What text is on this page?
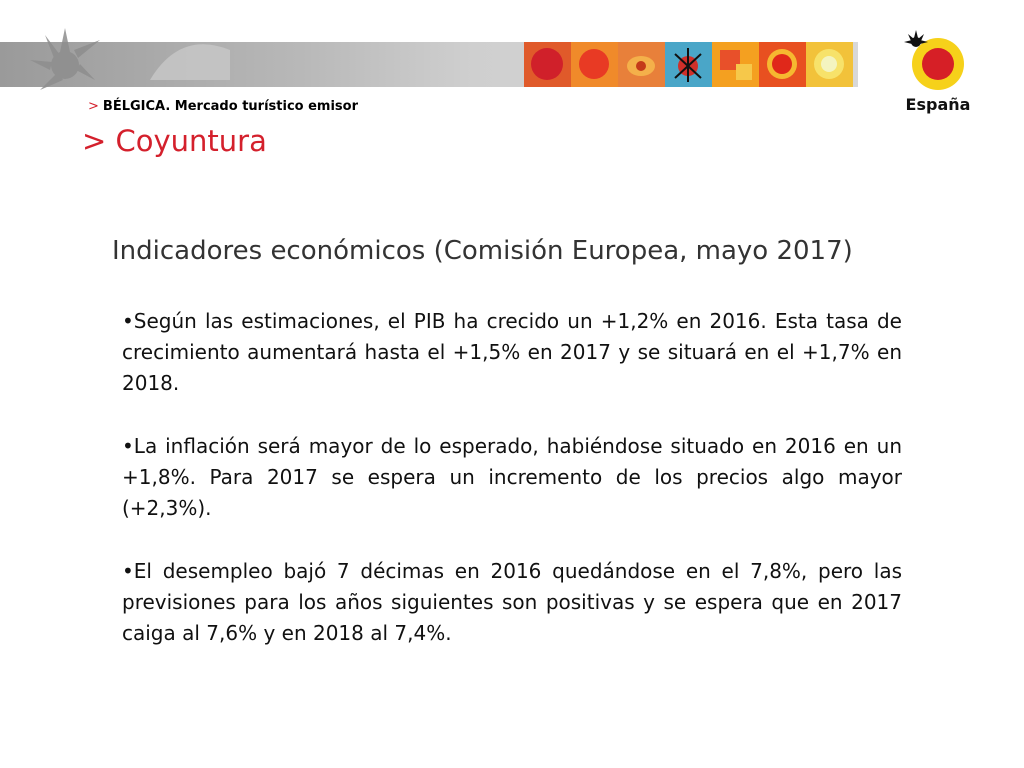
España
> BÉLGICA. Mercado turístico emisor
> Coyuntura
Indicadores económicos (Comisión Europea, mayo 2017)

•Según las estimaciones, el PIB ha crecido un +1,2% en 2016. Esta tasa de crecimiento aumentará hasta el +1,5% en 2017 y se situará en el +1,7% en 2018.

•La inflación será mayor de lo esperado, habiéndose situado en 2016 en un +1,8%. Para 2017 se espera un incremento de los precios algo mayor (+2,3%).

•El desempleo bajó 7 décimas en 2016 quedándose en el 7,8%, pero las previsiones para los años siguientes son positivas y se espera que en 2017 caiga al 7,6% y en 2018 al 7,4%.
